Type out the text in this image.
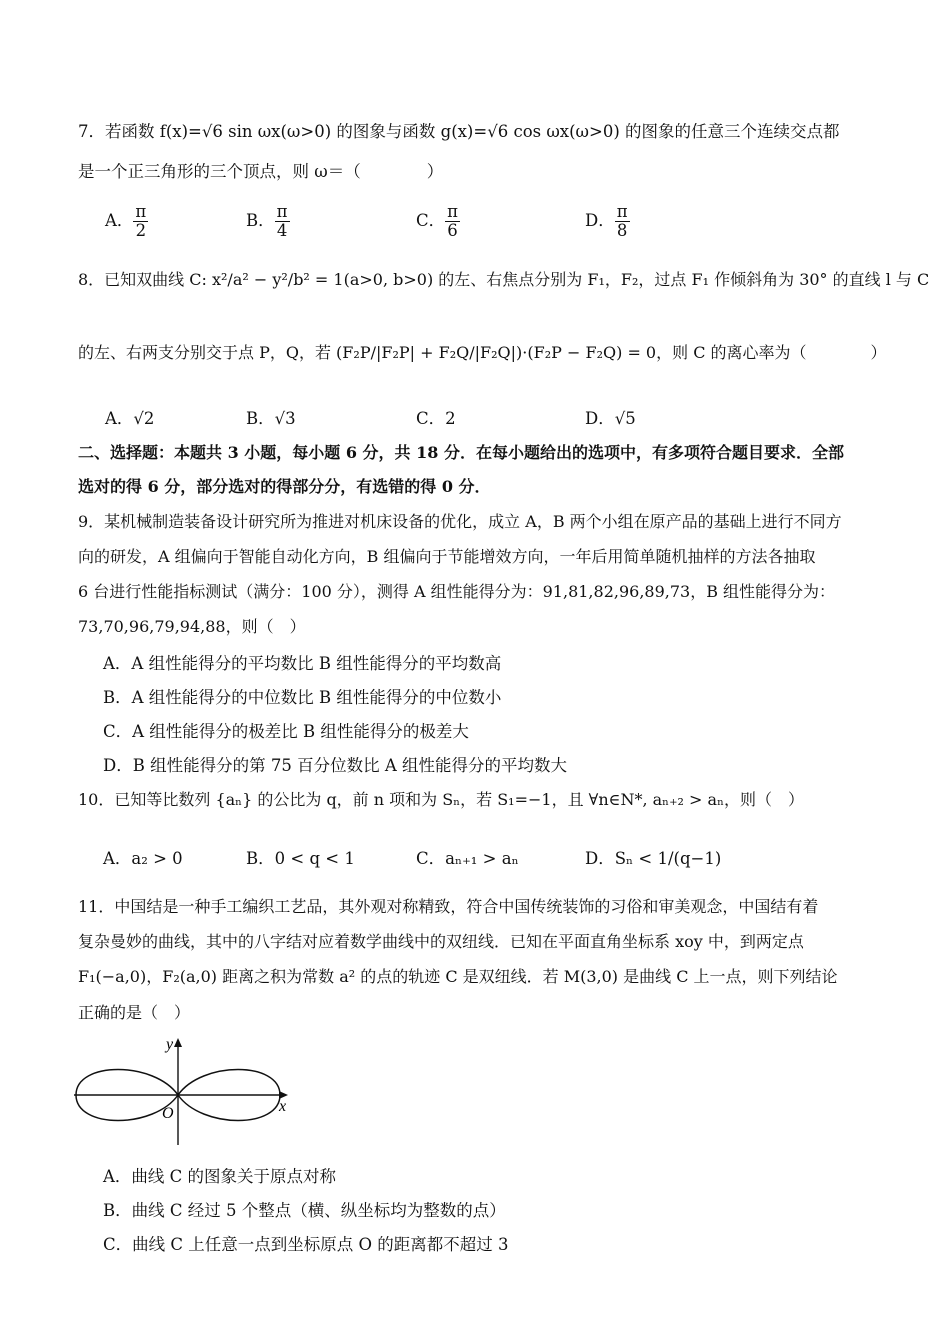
7．若函数 f(x)=√6 sin ωx(ω>0) 的图象与函数 g(x)=√6 cos ωx(ω>0) 的图象的任意三个连续交点都
是一个正三角形的三个顶点，则 ω＝（　　　　）
A． $\frac{\pi}{2}$	B． $\frac{\pi}{4}$	C． $\frac{\pi}{6}$	D． $\frac{\pi}{8}$
8．已知双曲线 C: x²/a² − y²/b² = 1(a>0, b>0) 的左、右焦点分别为 F₁，F₂，过点 F₁ 作倾斜角为 30° 的直线 l 与 C
的左、右两支分别交于点 P，Q，若 (F₂P/|F₂P| + F₂Q/|F₂Q|)·(F₂P − F₂Q) = 0，则 C 的离心率为（　　　　）
A．√2	B．√3	C．2	D．√5
二、选择题：本题共 3 小题，每小题 6 分，共 18 分．在每小题给出的选项中，有多项符合题目要求．全部
选对的得 6 分，部分选对的得部分分，有选错的得 0 分．
9．某机械制造装备设计研究所为推进对机床设备的优化，成立 A，B 两个小组在原产品的基础上进行不同方
向的研发，A 组偏向于智能自动化方向，B 组偏向于节能增效方向，一年后用简单随机抽样的方法各抽取
6 台进行性能指标测试（满分：100 分），测得 A 组性能得分为：91,81,82,96,89,73，B 组性能得分为：
73,70,96,79,94,88，则（　）
A．A 组性能得分的平均数比 B 组性能得分的平均数高
B．A 组性能得分的中位数比 B 组性能得分的中位数小
C．A 组性能得分的极差比 B 组性能得分的极差大
D．B 组性能得分的第 75 百分位数比 A 组性能得分的平均数大
10．已知等比数列 {aₙ} 的公比为 q，前 n 项和为 Sₙ，若 S₁=−1，且 ∀n∈N*, aₙ₊₂ > aₙ，则（　）
A．a₂ > 0	B．0 < q < 1	C．aₙ₊₁ > aₙ	D．Sₙ < 1/(q−1)
11．中国结是一种手工编织工艺品，其外观对称精致，符合中国传统装饰的习俗和审美观念，中国结有着
复杂曼妙的曲线，其中的八字结对应着数学曲线中的双纽线．已知在平面直角坐标系 xoy 中，到两定点
F₁(−a,0)，F₂(a,0) 距离之积为常数 a² 的点的轨迹 C 是双纽线．若 M(3,0) 是曲线 C 上一点，则下列结论
正确的是（　）
x
y
O
A．曲线 C 的图象关于原点对称
B．曲线 C 经过 5 个整点（横、纵坐标均为整数的点）
C．曲线 C 上任意一点到坐标原点 O 的距离都不超过 3
